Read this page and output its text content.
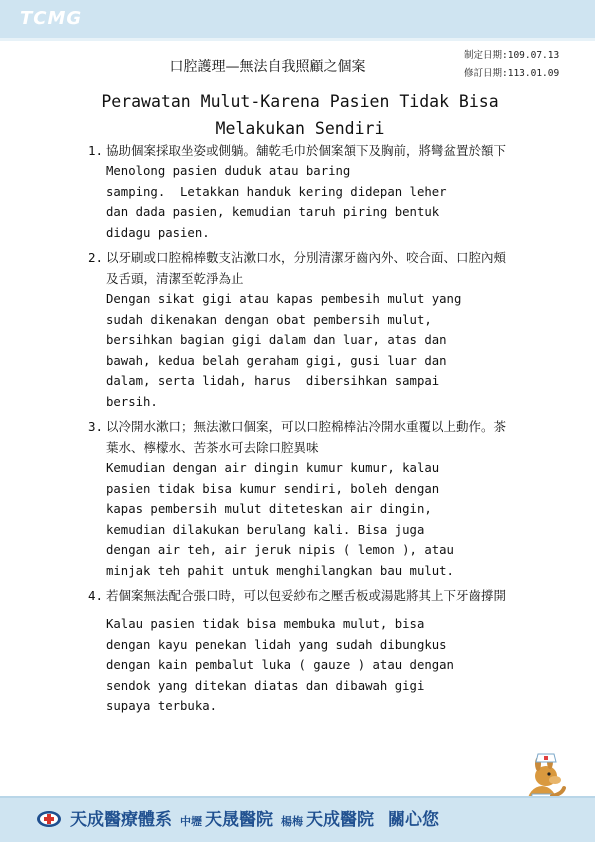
TCMG
制定日期:109.07.13
修訂日期:113.01.09
口腔護理—無法自我照顧之個案
Perawatan Mulut-Karena Pasien Tidak Bisa
Melakukan Sendiri
1. 協助個案採取坐姿或側躺。舖乾毛巾於個案頷下及胸前，將彎盆置於額下
Menolong pasien duduk atau baring
samping.  Letakkan handuk kering didepan leher
dan dada pasien, kemudian taruh piring bentuk
didagu pasien.
2. 以牙刷或口腔棉棒數支沾漱口水，分別清潔牙齒內外、咬合面、口腔內頰及舌頭，清潔至乾淨為止
Dengan sikat gigi atau kapas pembesih mulut yang
sudah dikenakan dengan obat pembersih mulut,
bersihkan bagian gigi dalam dan luar, atas dan
bawah, kedua belah geraham gigi, gusi luar dan
dalam, serta lidah, harus  dibersihkan sampai
bersih.
3. 以冷開水漱口；無法漱口個案，可以口腔棉棒沾冷開水重覆以上動作。茶葉水、檸檬水、苦茶水可去除口腔異味
Kemudian dengan air dingin kumur kumur, kalau
pasien tidak bisa kumur sendiri, boleh dengan
kapas pembersih mulut diteteskan air dingin,
kemudian dilakukan berulang kali. Bisa juga
dengan air teh, air jeruk nipis ( lemon ), atau
minjak teh pahit untuk menghilangkan bau mulut.
4. 若個案無法配合張口時，可以包妥紗布之壓舌板或湯匙將其上下牙齒撐開
Kalau pasien tidak bisa membuka mulut, bisa
dengan kayu penekan lidah yang sudah dibungkus
dengan kain pembalut luka ( gauze ) atau dengan
sendok yang ditekan diatas dan dibawah gigi
supaya terbuka.
天成醫療體系 中壢 天晟醫院 楊梅 天成醫院 關心您
